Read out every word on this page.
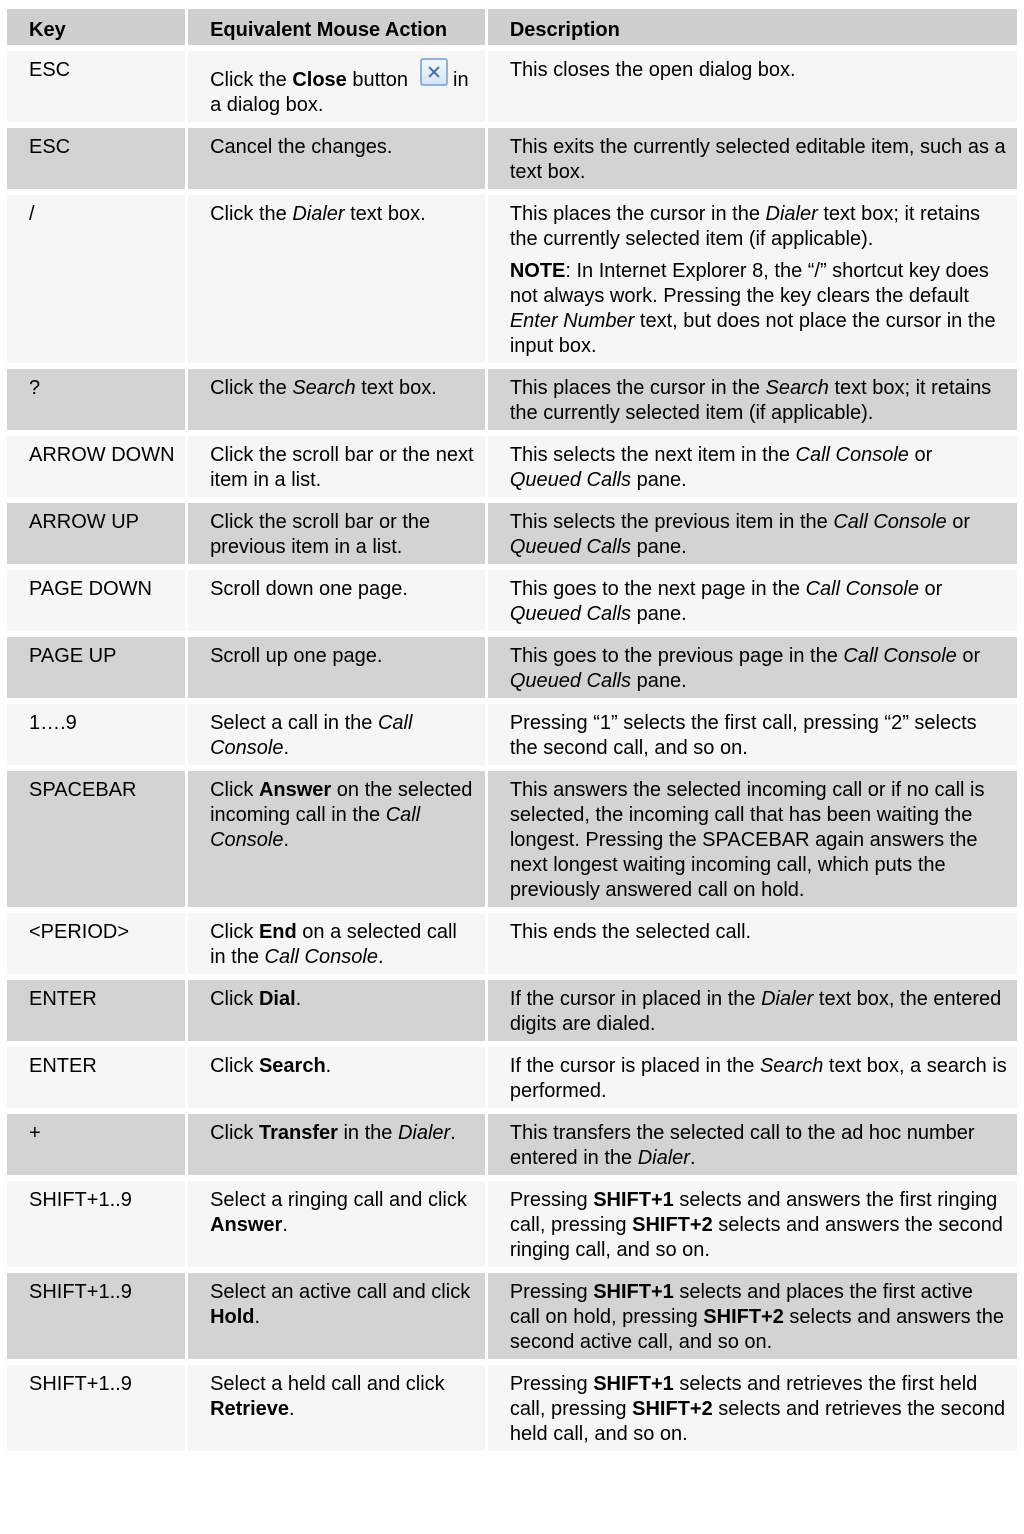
Key	Equivalent Mouse Action	Description
ESC	Click the Close button  in a dialog box.	This closes the open dialog box.

ESC	Cancel the changes.	This exits the currently selected editable item, such as a text box.

/	Click the Dialer text box.	This places the cursor in the Dialer text box; it retains the currently selected item (if applicable).

NOTE: In Internet Explorer 8, the “/” shortcut key does not always work. Pressing the key clears the default Enter Number text, but does not place the cursor in the input box.

?	Click the Search text box.	This places the cursor in the Search text box; it retains the currently selected item (if applicable).

ARROW DOWN	Click the scroll bar or the next item in a list.	This selects the next item in the Call Console or Queued Calls pane.

ARROW UP	Click the scroll bar or the previous item in a list.	This selects the previous item in the Call Console or Queued Calls pane.

PAGE DOWN	Scroll down one page.	This goes to the next page in the Call Console or Queued Calls pane.

PAGE UP	Scroll up one page.	This goes to the previous page in the Call Console or Queued Calls pane.

1….9	Select a call in the Call Console.	Pressing “1” selects the first call, pressing “2” selects the second call, and so on.

SPACEBAR	Click Answer on the selected incoming call in the Call Console.	This answers the selected incoming call or if no call is selected, the incoming call that has been waiting the longest. Pressing the SPACEBAR again answers the next longest waiting incoming call, which puts the previously answered call on hold.

<PERIOD>	Click End on a selected call in the Call Console.	This ends the selected call.

ENTER	Click Dial.	If the cursor in placed in the Dialer text box, the entered digits are dialed.

ENTER	Click Search.	If the cursor is placed in the Search text box, a search is performed.

+	Click Transfer in the Dialer.	This transfers the selected call to the ad hoc number entered in the Dialer.

SHIFT+1..9	Select a ringing call and click Answer.	Pressing SHIFT+1 selects and answers the first ringing call, pressing SHIFT+2 selects and answers the second ringing call, and so on.

SHIFT+1..9	Select an active call and click Hold.	Pressing SHIFT+1 selects and places the first active call on hold, pressing SHIFT+2 selects and answers the second active call, and so on.

SHIFT+1..9	Select a held call and click Retrieve.	Pressing SHIFT+1 selects and retrieves the first held call, pressing SHIFT+2 selects and retrieves the second held call, and so on.
